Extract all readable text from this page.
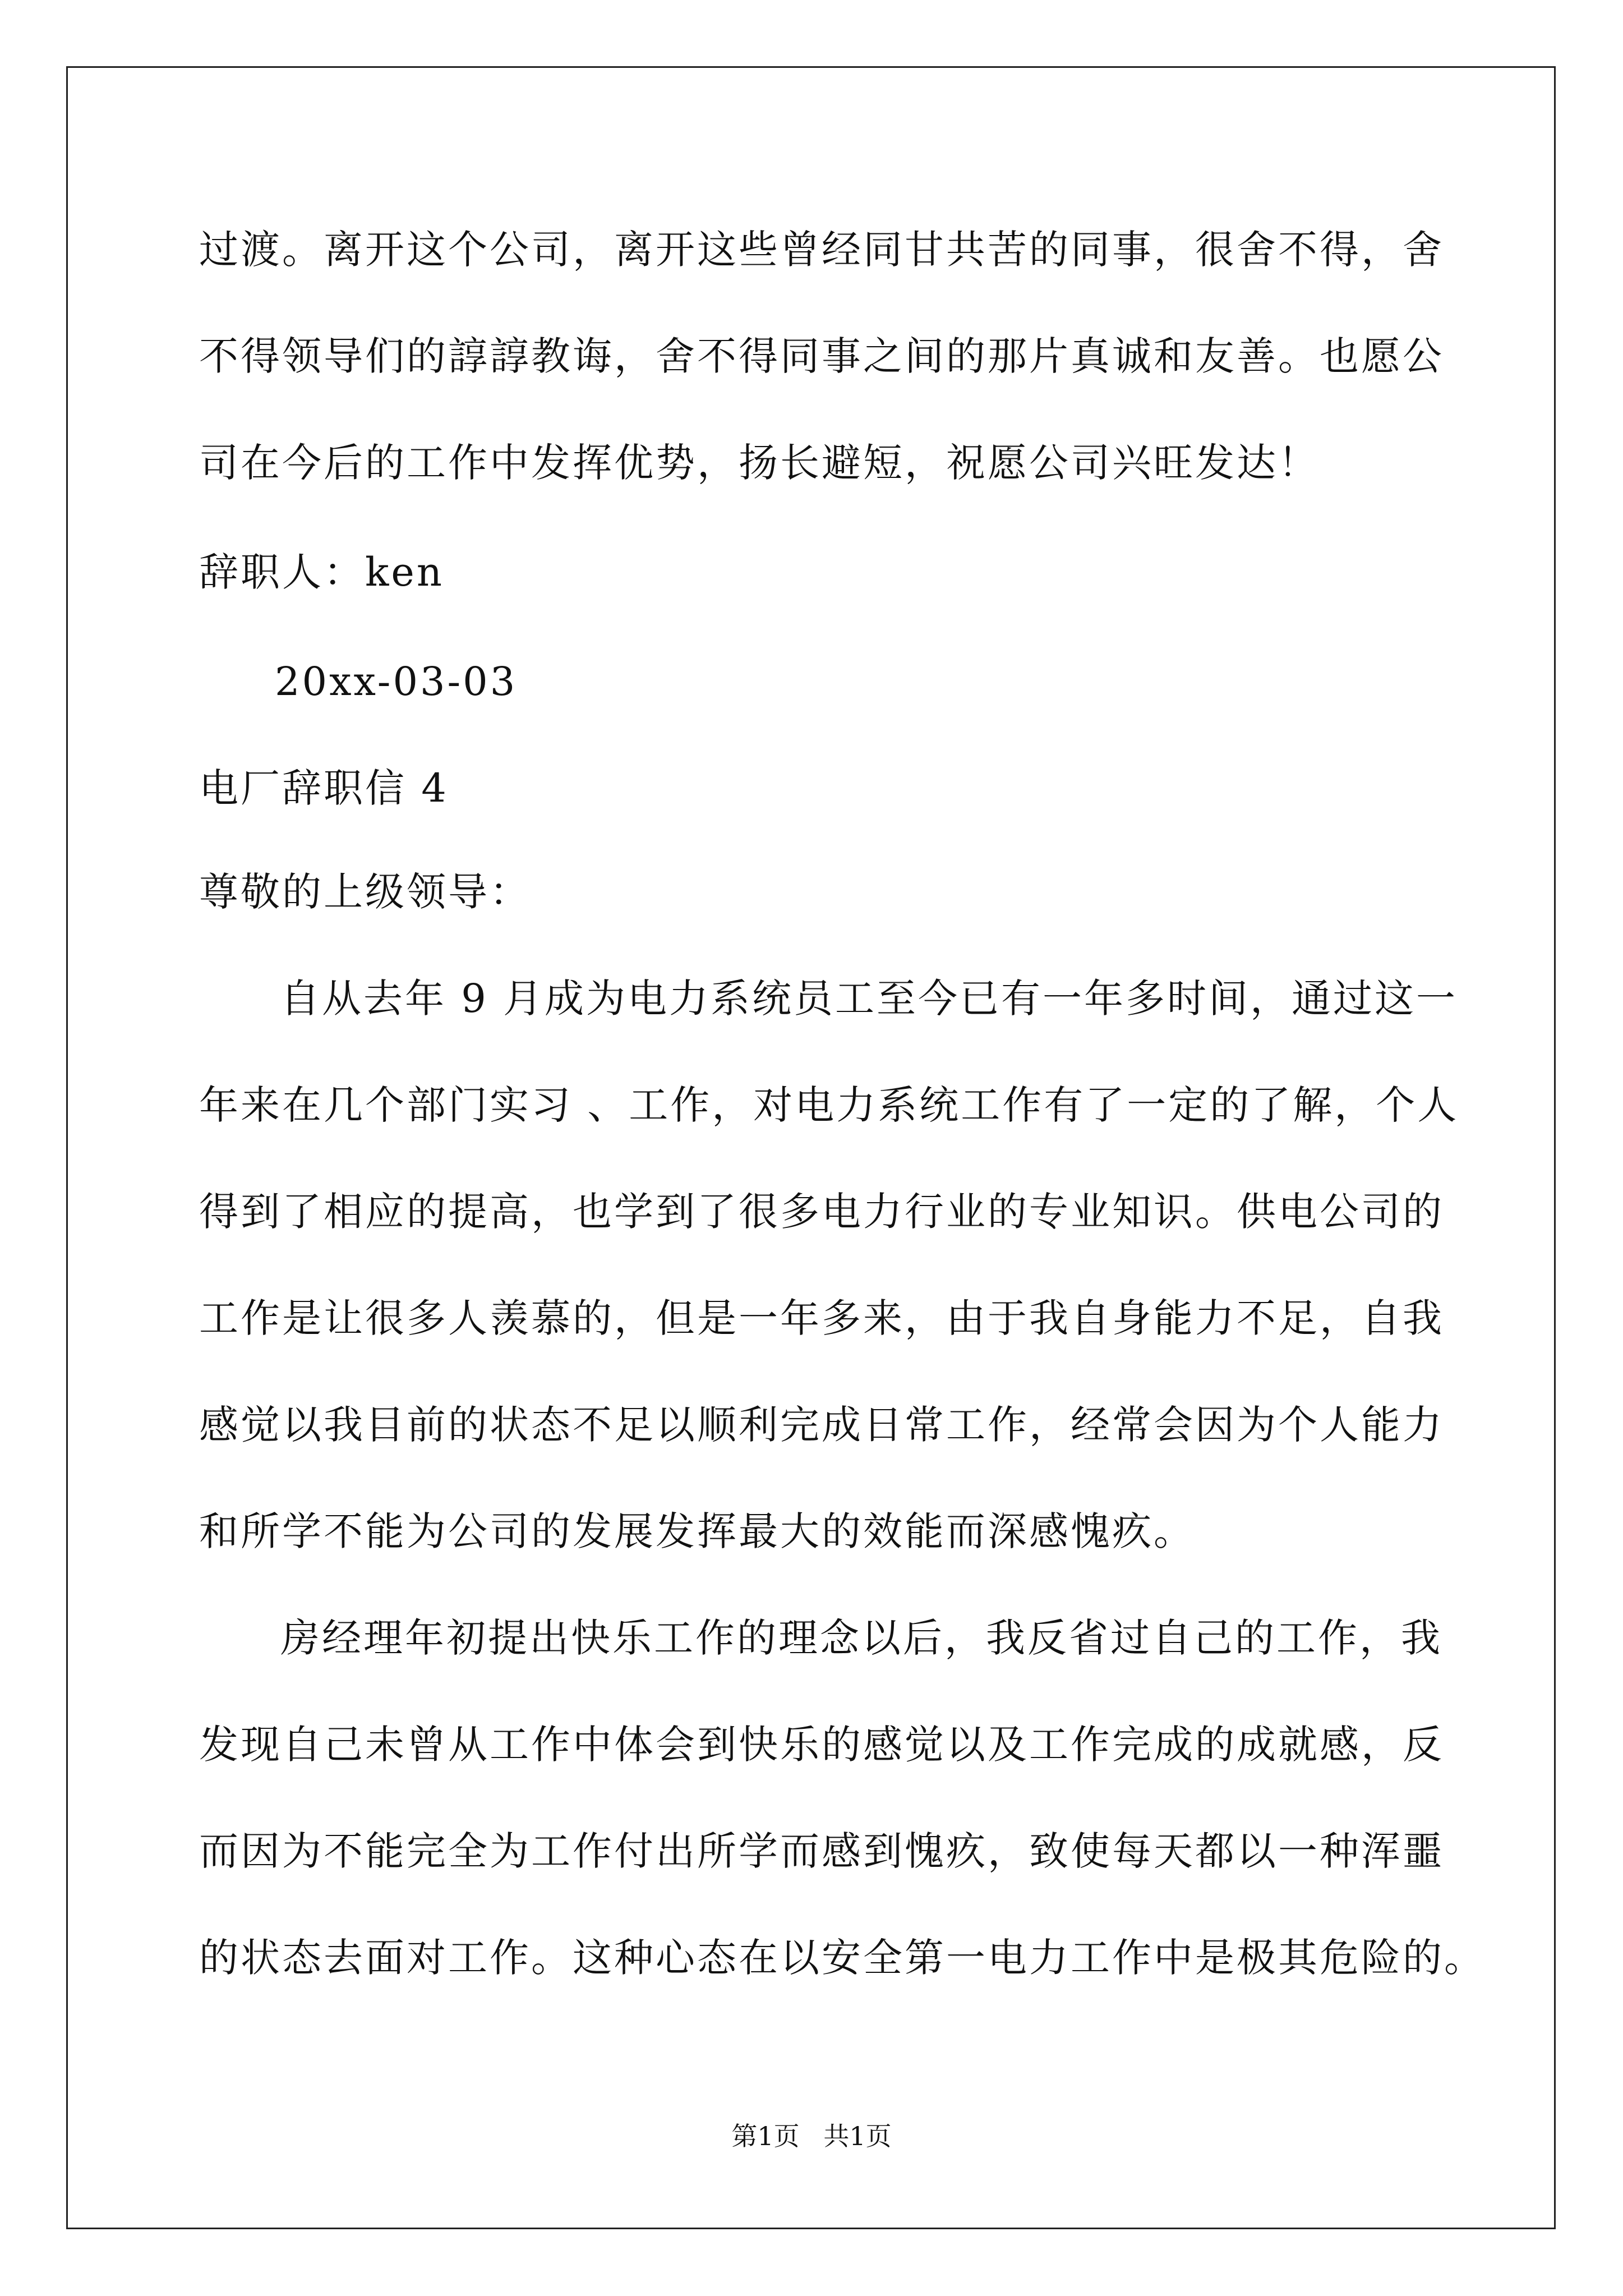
过渡。离开这个公司，离开这些曾经同甘共苦的同事，很舍不得，舍
不得领导们的諄諄教诲，舍不得同事之间的那片真诚和友善。也愿公
司在今后的工作中发挥优势，扬长避短，祝愿公司兴旺发达！
辞职人：ken
20xx-03-03
电厂辞职信 4
尊敬的上级领导：
自从去年 9 月成为电力系统员工至今已有一年多时间，通过这一
年来在几个部门实习 、工作，对电力系统工作有了一定的了解，个人
得到了相应的提高，也学到了很多电力行业的专业知识。供电公司的
工作是让很多人羡慕的，但是一年多来，由于我自身能力不足，自我
感觉以我目前的状态不足以顺利完成日常工作，经常会因为个人能力
和所学不能为公司的发展发挥最大的效能而深感愧疚。
房经理年初提出快乐工作的理念以后，我反省过自己的工作，我
发现自己未曾从工作中体会到快乐的感觉以及工作完成的成就感，反
而因为不能完全为工作付出所学而感到愧疚，致使每天都以一种浑噩
的状态去面对工作。这种心态在以安全第一电力工作中是极其危险的。
第1页 共1页
